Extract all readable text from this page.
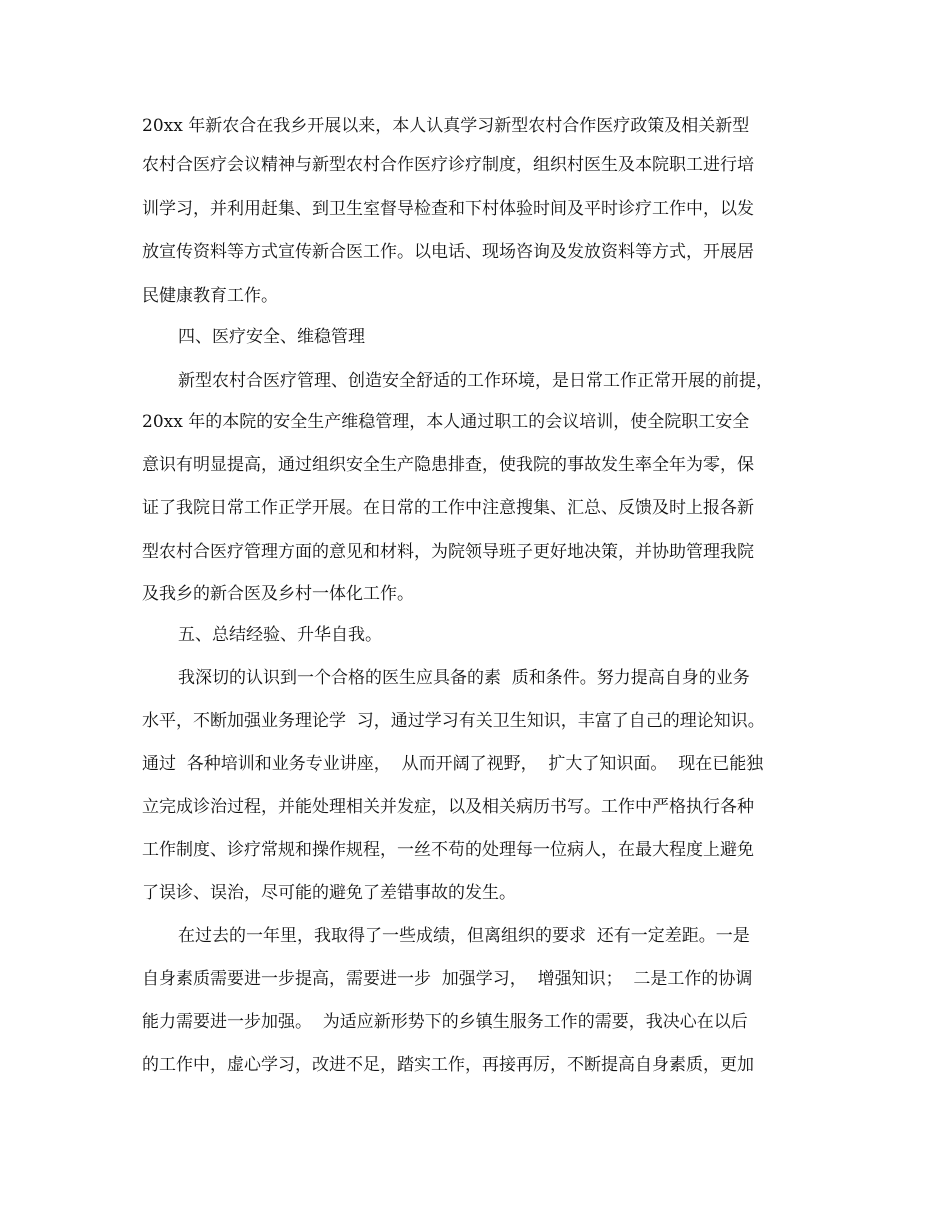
20xx 年新农合在我乡开展以来，本人认真学习新型农村合作医疗政策及相关新型
农村合医疗会议精神与新型农村合作医疗诊疗制度，组织村医生及本院职工进行培
训学习，并利用赶集、到卫生室督导检查和下村体验时间及平时诊疗工作中，以发
放宣传资料等方式宣传新合医工作。以电话、现场咨询及发放资料等方式，开展居
民健康教育工作。
四、医疗安全、维稳管理
新型农村合医疗管理、创造安全舒适的工作环境，是日常工作正常开展的前提，
20xx 年的本院的安全生产维稳管理，本人通过职工的会议培训，使全院职工安全
意识有明显提高，通过组织安全生产隐患排查，使我院的事故发生率全年为零，保
证了我院日常工作正学开展。在日常的工作中注意搜集、汇总、反馈及时上报各新
型农村合医疗管理方面的意见和材料，为院领导班子更好地决策，并协助管理我院
及我乡的新合医及乡村一体化工作。
五、总结经验、升华自我。
我深切的认识到一个合格的医生应具备的素  质和条件。努力提高自身的业务
水平，不断加强业务理论学  习，通过学习有关卫生知识，丰富了自己的理论知识。
通过  各种培训和业务专业讲座，  从而开阔了视野，  扩大了知识面。  现在已能独
立完成诊治过程，并能处理相关并发症，以及相关病历书写。工作中严格执行各种
工作制度、诊疗常规和操作规程，一丝不苟的处理每一位病人，在最大程度上避免
了误诊、误治，尽可能的避免了差错事故的发生。
在过去的一年里，我取得了一些成绩，但离组织的要求  还有一定差距。一是
自身素质需要进一步提高，需要进一步  加强学习，  增强知识；  二是工作的协调
能力需要进一步加强。  为适应新形势下的乡镇生服务工作的需要，我决心在以后
的工作中，虚心学习，改进不足，踏实工作，再接再厉，不断提高自身素质，更加
